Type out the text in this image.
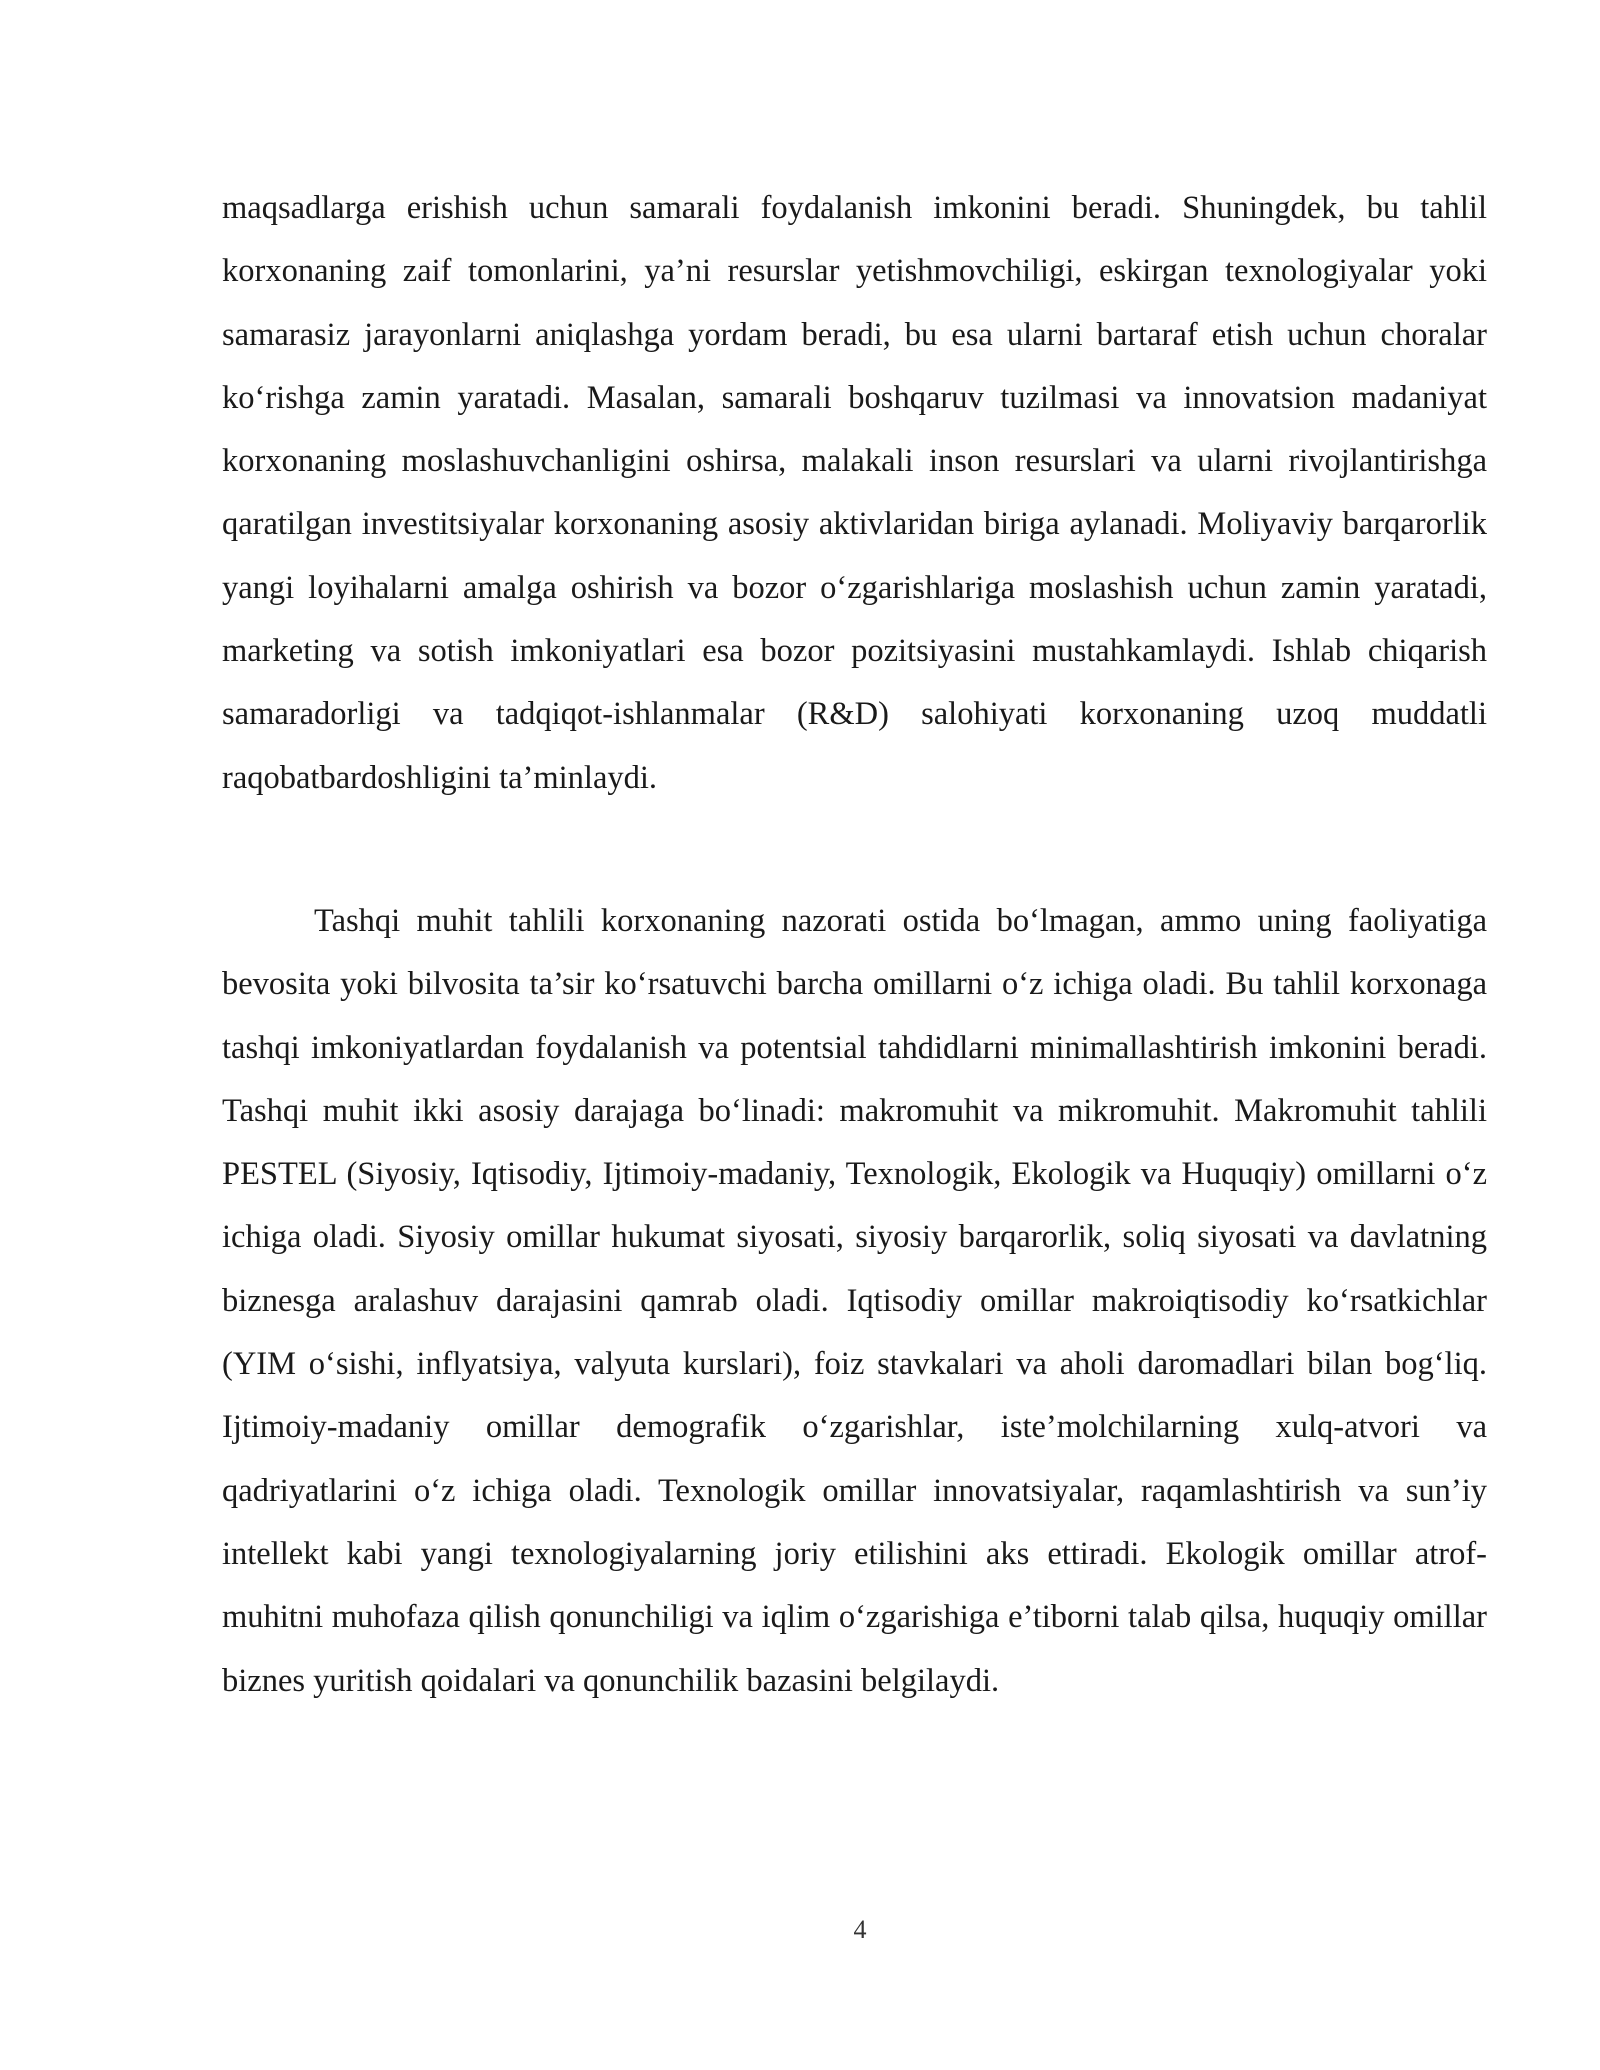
maqsadlarga erishish uchun samarali foydalanish imkonini beradi. Shuningdek, bu tahlil korxonaning zaif tomonlarini, ya’ni resurslar yetishmovchiligi, eskirgan texnologiyalar yoki samarasiz jarayonlarni aniqlashga yordam beradi, bu esa ularni bartaraf etish uchun choralar ko‘rishga zamin yaratadi. Masalan, samarali boshqaruv tuzilmasi va innovatsion madaniyat korxonaning moslashuvchanligini oshirsa, malakali inson resurslari va ularni rivojlantirishga qaratilgan investitsiyalar korxonaning asosiy aktivlaridan biriga aylanadi. Moliyaviy barqarorlik yangi loyihalarni amalga oshirish va bozor o‘zgarishlariga moslashish uchun zamin yaratadi, marketing va sotish imkoniyatlari esa bozor pozitsiyasini mustahkamlaydi. Ishlab chiqarish samaradorligi va tadqiqot-ishlanmalar (R&D) salohiyati korxonaning uzoq muddatli raqobatbardoshligini ta’minlaydi.

Tashqi muhit tahlili korxonaning nazorati ostida bo‘lmagan, ammo uning faoliyatiga bevosita yoki bilvosita ta’sir ko‘rsatuvchi barcha omillarni o‘z ichiga oladi. Bu tahlil korxonaga tashqi imkoniyatlardan foydalanish va potentsial tahdidlarni minimallashtirish imkonini beradi. Tashqi muhit ikki asosiy darajaga bo‘linadi: makromuhit va mikromuhit. Makromuhit tahlili PESTEL (Siyosiy, Iqtisodiy, Ijtimoiy-madaniy, Texnologik, Ekologik va Huquqiy) omillarni o‘z ichiga oladi. Siyosiy omillar hukumat siyosati, siyosiy barqarorlik, soliq siyosati va davlatning biznesga aralashuv darajasini qamrab oladi. Iqtisodiy omillar makroiqtisodiy ko‘rsatkichlar (YIM o‘sishi, inflyatsiya, valyuta kurslari), foiz stavkalari va aholi daromadlari bilan bog‘liq. Ijtimoiy-madaniy omillar demografik o‘zgarishlar, iste’molchilarning xulq-atvori va qadriyatlarini o‘z ichiga oladi. Texnologik omillar innovatsiyalar, raqamlashtirish va sun’iy intellekt kabi yangi texnologiyalarning joriy etilishini aks ettiradi. Ekologik omillar atrof-muhitni muhofaza qilish qonunchiligi va iqlim o‘zgarishiga e’tiborni talab qilsa, huquqiy omillar biznes yuritish qoidalari va qonunchilik bazasini belgilaydi.

4
